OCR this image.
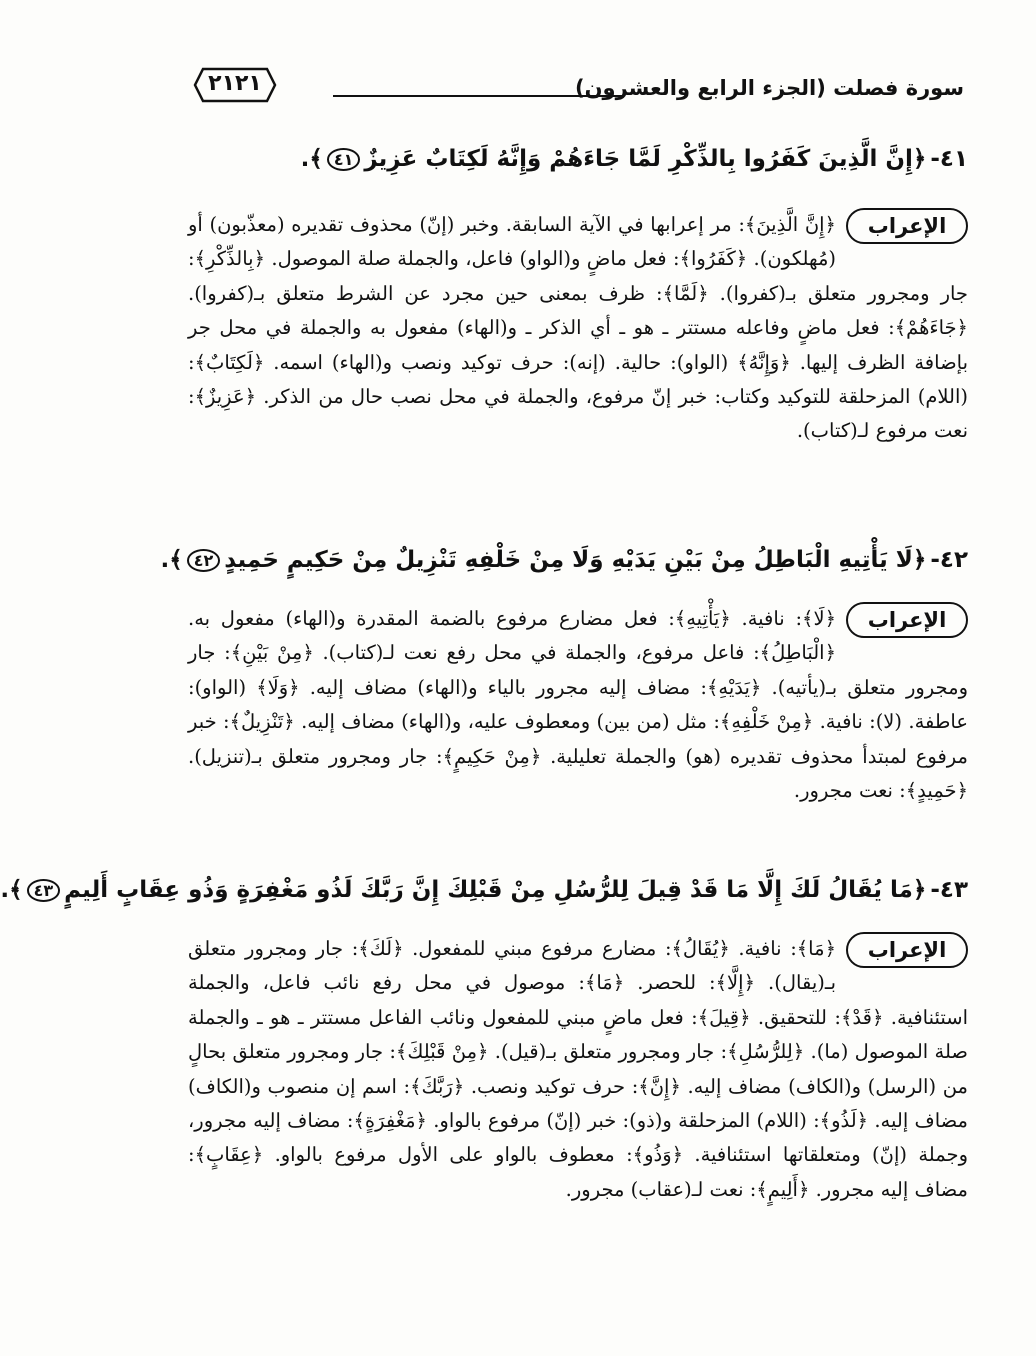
سورة فصلت (الجزء الرابع والعشرون)
٢١٢١
٤١-﴿إِنَّ الَّذِينَ كَفَرُوا بِالذِّكْرِ لَمَّا جَاءَهُمْ وَإِنَّهُ لَكِتَابٌ عَزِيزٌ٤١﴾.
الإعراب

﴿إِنَّ الَّذِينَ﴾: مر إعرابها في الآية السابقة. وخبر (إنّ) محذوف تقديره (معذّبون) أو (مُهلكون). ﴿كَفَرُوا﴾: فعل ماضٍ و(الواو) فاعل، والجملة صلة الموصول. ﴿بِالذِّكْرِ﴾: جار ومجرور متعلق بـ(كفروا). ﴿لَمَّا﴾: ظرف بمعنى حين مجرد عن الشرط متعلق بـ(كفروا). ﴿جَاءَهُمْ﴾: فعل ماضٍ وفاعله مستتر ـ هو ـ أي الذكر ـ و(الهاء) مفعول به والجملة في محل جر بإضافة الظرف إليها. ﴿وَإِنَّهُ﴾ (الواو): حالية. (إنه): حرف توكيد ونصب و(الهاء) اسمه. ﴿لَكِتَابٌ﴾: (اللام) المزحلقة للتوكيد وكتاب: خبر إنّ مرفوع، والجملة في محل نصب حال من الذكر. ﴿عَزِيزٌ﴾: نعت مرفوع لـ(كتاب).

٤٢-﴿لَا يَأْتِيهِ الْبَاطِلُ مِنْ بَيْنِ يَدَيْهِ وَلَا مِنْ خَلْفِهِ تَنْزِيلٌ مِنْ حَكِيمٍ حَمِيدٍ٤٢﴾.
الإعراب

﴿لَا﴾: نافية. ﴿يَأْتِيهِ﴾: فعل مضارع مرفوع بالضمة المقدرة و(الهاء) مفعول به. ﴿الْبَاطِلُ﴾: فاعل مرفوع، والجملة في محل رفع نعت لـ(كتاب). ﴿مِنْ بَيْنِ﴾: جار ومجرور متعلق بـ(يأتيه). ﴿يَدَيْهِ﴾: مضاف إليه مجرور بالياء و(الهاء) مضاف إليه. ﴿وَلَا﴾ (الواو): عاطفة. (لا): نافية. ﴿مِنْ خَلْفِهِ﴾: مثل (من بين) ومعطوف عليه، و(الهاء) مضاف إليه. ﴿تَنْزِيلٌ﴾: خبر مرفوع لمبتدأ محذوف تقديره (هو) والجملة تعليلية. ﴿مِنْ حَكِيمٍ﴾: جار ومجرور متعلق بـ(تنزيل). ﴿حَمِيدٍ﴾: نعت مجرور.

٤٣-﴿مَا يُقَالُ لَكَ إِلَّا مَا قَدْ قِيلَ لِلرُّسُلِ مِنْ قَبْلِكَ إِنَّ رَبَّكَ لَذُو مَغْفِرَةٍ وَذُو عِقَابٍ أَلِيمٍ٤٣﴾.
الإعراب

﴿مَا﴾: نافية. ﴿يُقَالُ﴾: مضارع مرفوع مبني للمفعول. ﴿لَكَ﴾: جار ومجرور متعلق بـ(يقال). ﴿إِلَّا﴾: للحصر. ﴿مَا﴾: موصول في محل رفع نائب فاعل، والجملة استئنافية. ﴿قَدْ﴾: للتحقيق. ﴿قِيلَ﴾: فعل ماضٍ مبني للمفعول ونائب الفاعل مستتر ـ هو ـ والجملة صلة الموصول (ما). ﴿لِلرُّسُلِ﴾: جار ومجرور متعلق بـ(قيل). ﴿مِنْ قَبْلِكَ﴾: جار ومجرور متعلق بحالٍ من (الرسل) و(الكاف) مضاف إليه. ﴿إِنَّ﴾: حرف توكيد ونصب. ﴿رَبَّكَ﴾: اسم إن منصوب و(الكاف) مضاف إليه. ﴿لَذُو﴾: (اللام) المزحلقة و(ذو): خبر (إنّ) مرفوع بالواو. ﴿مَغْفِرَةٍ﴾: مضاف إليه مجرور، وجملة (إنّ) ومتعلقاتها استئنافية. ﴿وَذُو﴾: معطوف بالواو على الأول مرفوع بالواو. ﴿عِقَابٍ﴾: مضاف إليه مجرور. ﴿أَلِيمٍ﴾: نعت لـ(عقاب) مجرور.
